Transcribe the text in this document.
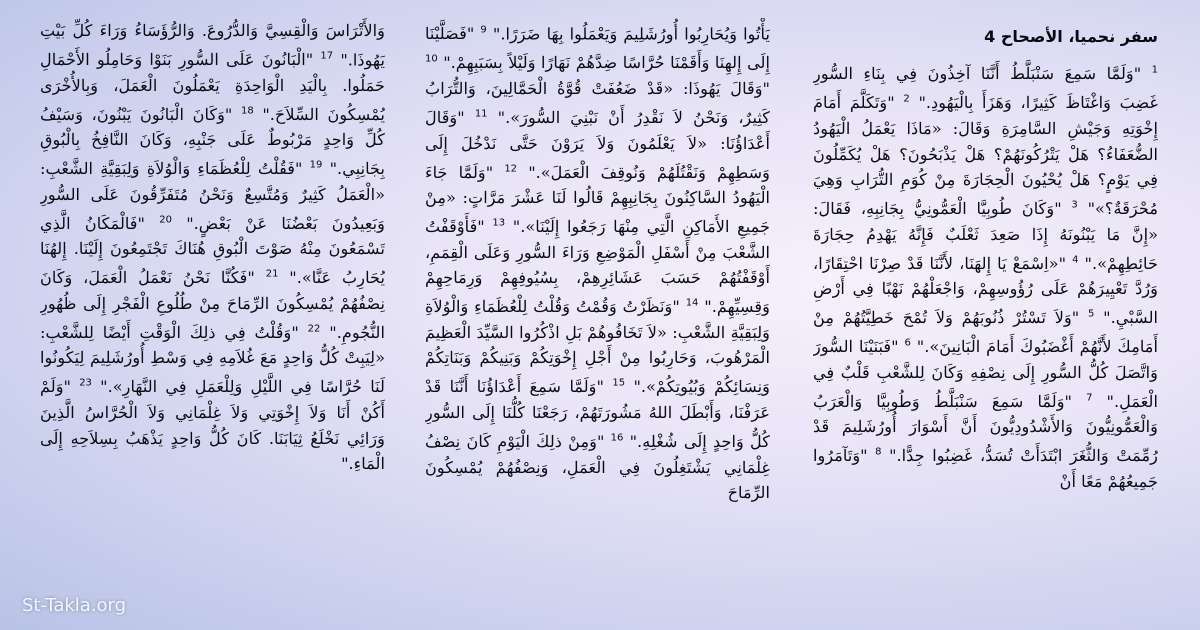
سفر نحميا، الأصحاح 4
$^1$ "وَلَمَّا سَمِعَ سَنْبَلَّطُ أَنَّنَا آخِذُونَ فِي بِنَاءِ السُّورِ غَضِبَ وَاغْتَاظَ كَثِيرًا، وَهَزَأَ بِالْيَهُودِ." $^2$ "وَتَكَلَّمَ أَمَامَ إِخْوَتِهِ وَجَيْشِ السَّامِرَةِ وَقَالَ: «مَاذَا يَعْمَلُ الْيَهُودُ الضُّعَفَاءُ؟ هَلْ يَتْرُكُونَهُمْ؟ هَلْ يَذْبَحُونَ؟ هَلْ يُكَمِّلُونَ فِي يَوْمٍ؟ هَلْ يُحْيُونَ الْحِجَارَةَ مِنْ كُوَمِ التُّرَابِ وَهِيَ مُحْرَقَةٌ؟»" $^3$ "وَكَانَ طُوبِيَّا الْعَمُّونِيُّ بِجَانِبِهِ، فَقَالَ: «إِنَّ مَا يَبْنُونَهُ إِذَا صَعِدَ ثَعْلَبٌ فَإِنَّهُ يَهْدِمُ حِجَارَةَ حَائِطِهِمْ»." $^4$ "«اِسْمَعْ يَا إِلهَنَا، لأَنَّنَا قَدْ صِرْنَا احْتِقَارًا، وَرُدَّ تَعْيِيرَهُمْ عَلَى رُؤُوسِهِمْ، وَاجْعَلْهُمْ نَهْبًا فِي أَرْضِ السَّبْيِ." $^5$ "وَلاَ تَسْتُرْ ذُنُوبَهُمْ وَلاَ تُمْحَ خَطِيَّتُهُمْ مِنْ أَمَامِكَ لأَنَّهُمْ أَغْضَبُوكَ أَمَامَ الْبَانِينَ»." $^6$ "فَبَنَيْنَا السُّورَ وَاتَّصَلَ كُلُّ السُّورِ إِلَى نِصْفِهِ وَكَانَ لِلشَّعْبِ قَلْبٌ فِي الْعَمَلِ." $^7$ "وَلَمَّا سَمِعَ سَنْبَلَّطُ وَطُوبِيَّا وَالْعَرَبُ وَالْعَمُّونِيُّونَ وَالأَشْدُودِيُّونَ أَنَّ أَسْوَارَ أُورُشَلِيمَ قَدْ رُمِّمَتْ وَالثُّغَرَ ابْتَدَأَتْ تُسَدُّ، غَضِبُوا جِدًّا." $^8$ "وَتَآمَرُوا جَمِيعُهُمْ مَعًا أَنْ
يَأْتُوا وَيُحَارِبُوا أُورُشَلِيمَ وَيَعْمَلُوا بِهَا ضَرَرًا." $^9$ "فَصَلَّيْنَا إِلَى إِلهِنَا وَأَقَمْنَا حُرَّاسًا ضِدَّهُمْ نَهَارًا وَلَيْلاً بِسَبَبِهِمْ." $^{10}$ "وَقَالَ يَهُوذَا: «قَدْ ضَعُفَتْ قُوَّةُ الْحَمَّالِينَ، وَالتُّرَابُ كَثِيرٌ، وَنَحْنُ لاَ نَقْدِرُ أَنْ نَبْنِيَ السُّورَ»." $^{11}$ "وَقَالَ أَعْدَاؤُنَا: «لاَ يَعْلَمُونَ وَلاَ يَرَوْنَ حَتَّى نَدْخُلَ إِلَى وَسَطِهِمْ وَنَقْتُلَهُمْ وَنُوقِفَ الْعَمَلَ»." $^{12}$ "وَلَمَّا جَاءَ الْيَهُودُ السَّاكِنُونَ بِجَانِبِهِمْ قَالُوا لَنَا عَشْرَ مَرَّاتٍ: «مِنْ جَمِيعِ الأَمَاكِنِ الَّتِي مِنْهَا رَجَعُوا إِلَيْنَا»." $^{13}$ "فَأَوْقَفْتُ الشَّعْبَ مِنْ أَسْفَلِ الْمَوْضِعِ وَرَاءَ السُّورِ وَعَلَى الْقِمَمِ، أَوْقَفْتُهُمْ حَسَبَ عَشَائِرِهِمْ، بِسُيُوفِهِمْ وَرِمَاحِهِمْ وَقِسِيِّهِمْ." $^{14}$ "وَنَظَرْتُ وَقُمْتُ وَقُلْتُ لِلْعُظَمَاءِ وَالْوُلاَةِ وَلِبَقِيَّةِ الشَّعْبِ: «لاَ تَخَافُوهُمْ بَلِ اذْكُرُوا السَّيِّدَ الْعَظِيمَ الْمَرْهُوبَ، وَحَارِبُوا مِنْ أَجْلِ إِخْوَتِكُمْ وَبَنِيكُمْ وَبَنَاتِكُمْ وَنِسَائِكُمْ وَبُيُوتِكُمْ»." $^{15}$ "وَلَمَّا سَمِعَ أَعْدَاؤُنَا أَنَّنَا قَدْ عَرَفْنَا، وَأَبْطَلَ اللهُ مَشُورَتَهُمْ، رَجَعْنَا كُلُّنَا إِلَى السُّورِ كُلُّ وَاحِدٍ إِلَى شُغْلِهِ." $^{16}$ "وَمِنْ ذلِكَ الْيَوْمِ كَانَ نِصْفُ غِلْمَانِي يَشْتَغِلُونَ فِي الْعَمَلِ، وَنِصْفُهُمْ يُمْسِكُونَ الرِّمَاحَ
وَالأَتْرَاسَ وَالْقِسِيَّ وَالدُّرُوعَ. وَالرُّؤَسَاءُ وَرَاءَ كُلِّ بَيْتِ يَهُوذَا." $^{17}$ "الْبَانُونَ عَلَى السُّورِ بَنَوْا وَحَامِلُو الأَحْمَالِ حَمَلُوا. بِالْيَدِ الْوَاحِدَةِ يَعْمَلُونَ الْعَمَلَ، وَبِالأُخْرَى يُمْسِكُونَ السِّلاَحَ." $^{18}$ "وَكَانَ الْبَانُونَ يَبْنُونَ، وَسَيْفُ كُلِّ وَاحِدٍ مَرْبُوطٌ عَلَى جَنْبِهِ، وَكَانَ النَّافِخُ بِالْبُوقِ بِجَانِبِي." $^{19}$ "فَقُلْتُ لِلْعُظَمَاءِ وَالْوُلاَةِ وَلِبَقِيَّةِ الشَّعْبِ: «الْعَمَلُ كَثِيرٌ وَمُتَّسِعٌ وَنَحْنُ مُتَفَرِّقُونَ عَلَى السُّورِ وَبَعِيدُونَ بَعْضُنَا عَنْ بَعْضٍ." $^{20}$ "فَالْمَكَانُ الَّذِي تَسْمَعُونَ مِنْهُ صَوْتَ الْبُوقِ هُنَاكَ تَجْتَمِعُونَ إِلَيْنَا. إِلهُنَا يُحَارِبُ عَنَّا»." $^{21}$ "فَكُنَّا نَحْنُ نَعْمَلُ الْعَمَلَ، وَكَانَ نِصْفُهُمْ يُمْسِكُونَ الرِّمَاحَ مِنْ طُلُوعِ الْفَجْرِ إِلَى ظُهُورِ النُّجُومِ." $^{22}$ "وَقُلْتُ فِي ذلِكَ الْوَقْتِ أَيْضًا لِلشَّعْبِ: «لِيَبِتْ كُلُّ وَاحِدٍ مَعَ غُلاَمِهِ فِي وَسْطِ أُورُشَلِيمَ لِيَكُونُوا لَنَا حُرَّاسًا فِي اللَّيْلِ وَلِلْعَمَلِ فِي النَّهَارِ»." $^{23}$ "وَلَمْ أَكُنْ أَنَا وَلاَ إِخْوَتِي وَلاَ غِلْمَانِي وَلاَ الْحُرَّاسُ الَّذِينَ وَرَائِي نَخْلَعُ ثِيَابَنَا. كَانَ كُلُّ وَاحِدٍ يَذْهَبُ بِسِلاَحِهِ إِلَى الْمَاءِ."
St-Takla.org
